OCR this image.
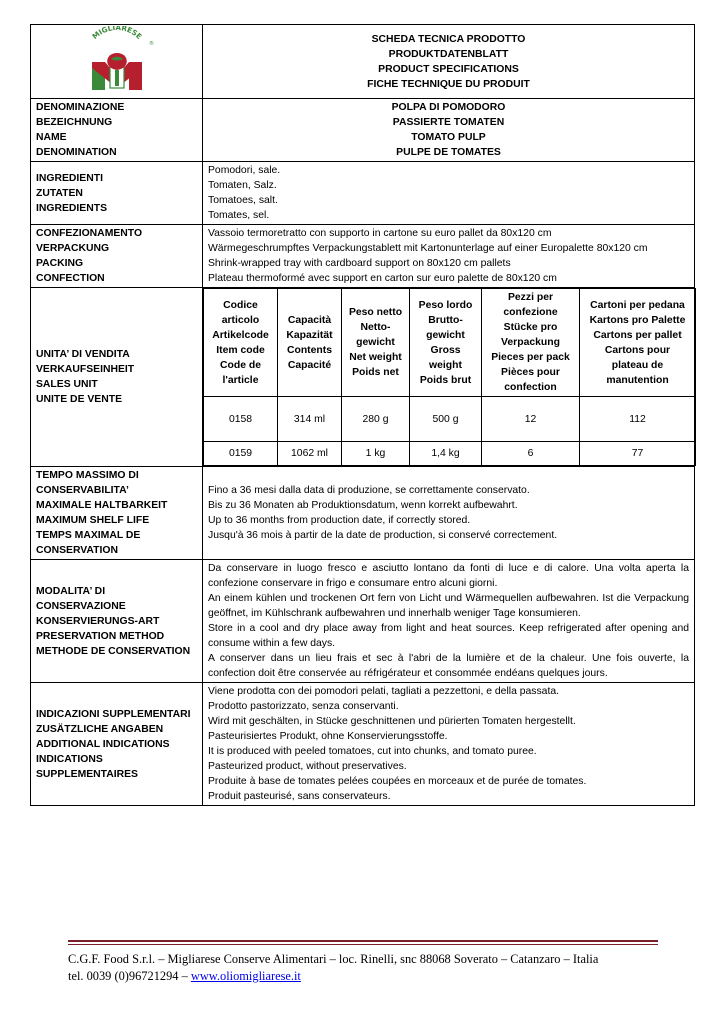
MIGLIARESE
®	SCHEDA TECNICA PRODOTTO
PRODUKTDATENBLATT
PRODUCT SPECIFICATIONS
FICHE TECHNIQUE DU PRODUIT

DENOMINAZIONE
BEZEICHNUNG
NAME
DENOMINATION

POLPA DI POMODORO
PASSIERTE TOMATEN
TOMATO PULP
PULPE DE TOMATES

INGREDIENTI
ZUTATEN
INGREDIENTS

Pomodori, sale.
Tomaten, Salz.
Tomatoes, salt.
Tomates, sel.

CONFEZIONAMENTO
VERPACKUNG
PACKING
CONFECTION

Vassoio termoretratto con supporto in cartone su euro pallet da 80x120 cm
Wärmegeschrumpftes Verpackungstablett mit Kartonunterlage auf einer Europalette 80x120 cm
Shrink-wrapped tray with cardboard support on 80x120 cm pallets
Plateau thermoformé avec support en carton sur euro palette de 80x120 cm

UNITA’ DI VENDITA
VERKAUFSEINHEIT
SALES UNIT
UNITE DE VENTE

Codice
articolo
Artikelcode
Item code
Code de
l'article

Capacità
Kapazität
Contents
Capacité

Peso netto
Netto-
gewicht
Net weight
Poids net

Peso lordo
Brutto-
gewicht
Gross
weight
Poids brut

Pezzi per
confezione
Stücke pro
Verpackung
Pieces per pack
Pièces pour
confection

Cartoni per pedana
Kartons pro Palette
Cartons per pallet
Cartons pour
plateau de
manutention

0158	314 ml	280 g	500 g	12	112
0159	1062 ml	1 kg	1,4 kg	6	77

TEMPO MASSIMO DI
CONSERVABILITA’
MAXIMALE HALTBARKEIT
MAXIMUM SHELF LIFE
TEMPS MAXIMAL DE
CONSERVATION

Fino a 36 mesi dalla data di produzione, se correttamente conservato.
Bis zu 36 Monaten ab Produktionsdatum, wenn korrekt aufbewahrt.
Up to 36 months from production date, if correctly stored.
Jusqu'à 36 mois à partir de la date de production, si conservé correctement.

MODALITA’ DI
CONSERVAZIONE
KONSERVIERUNGS-ART
PRESERVATION METHOD
METHODE DE CONSERVATION

Da conservare in luogo fresco e asciutto lontano da fonti di luce e di calore. Una volta aperta la confezione conservare in frigo e consumare entro alcuni giorni.
An einem kühlen und trockenen Ort fern von Licht und Wärmequellen aufbewahren. Ist die Verpackung geöffnet, im Kühlschrank aufbewahren und innerhalb weniger Tage konsumieren.
Store in a cool and dry place away from light and heat sources. Keep refrigerated after opening and consume within a few days.
A conserver dans un lieu frais et sec à l'abri de la lumière et de la chaleur. Une fois ouverte, la confection doit être conservée au réfrigérateur et consommée endéans quelques jours.

INDICAZIONI SUPPLEMENTARI
ZUSÄTZLICHE ANGABEN
ADDITIONAL INDICATIONS
INDICATIONS
SUPPLEMENTAIRES

Viene prodotta con dei pomodori pelati, tagliati a pezzettoni, e della passata.
Prodotto pastorizzato, senza conservanti.
Wird mit geschälten, in Stücke geschnittenen und pürierten Tomaten hergestellt.
Pasteurisiertes Produkt, ohne Konservierungsstoffe.
It is produced with peeled tomatoes, cut into chunks, and tomato puree.
Pasteurized product, without preservatives.
Produite à base de tomates pelées coupées en morceaux et de purée de tomates.
Produit pasteurisé, sans conservateurs.
C.G.F. Food S.r.l. – Migliarese Conserve Alimentari – loc. Rinelli, snc 88068 Soverato – Catanzaro – Italia
tel. 0039 (0)96721294 – www.oliomigliarese.it
